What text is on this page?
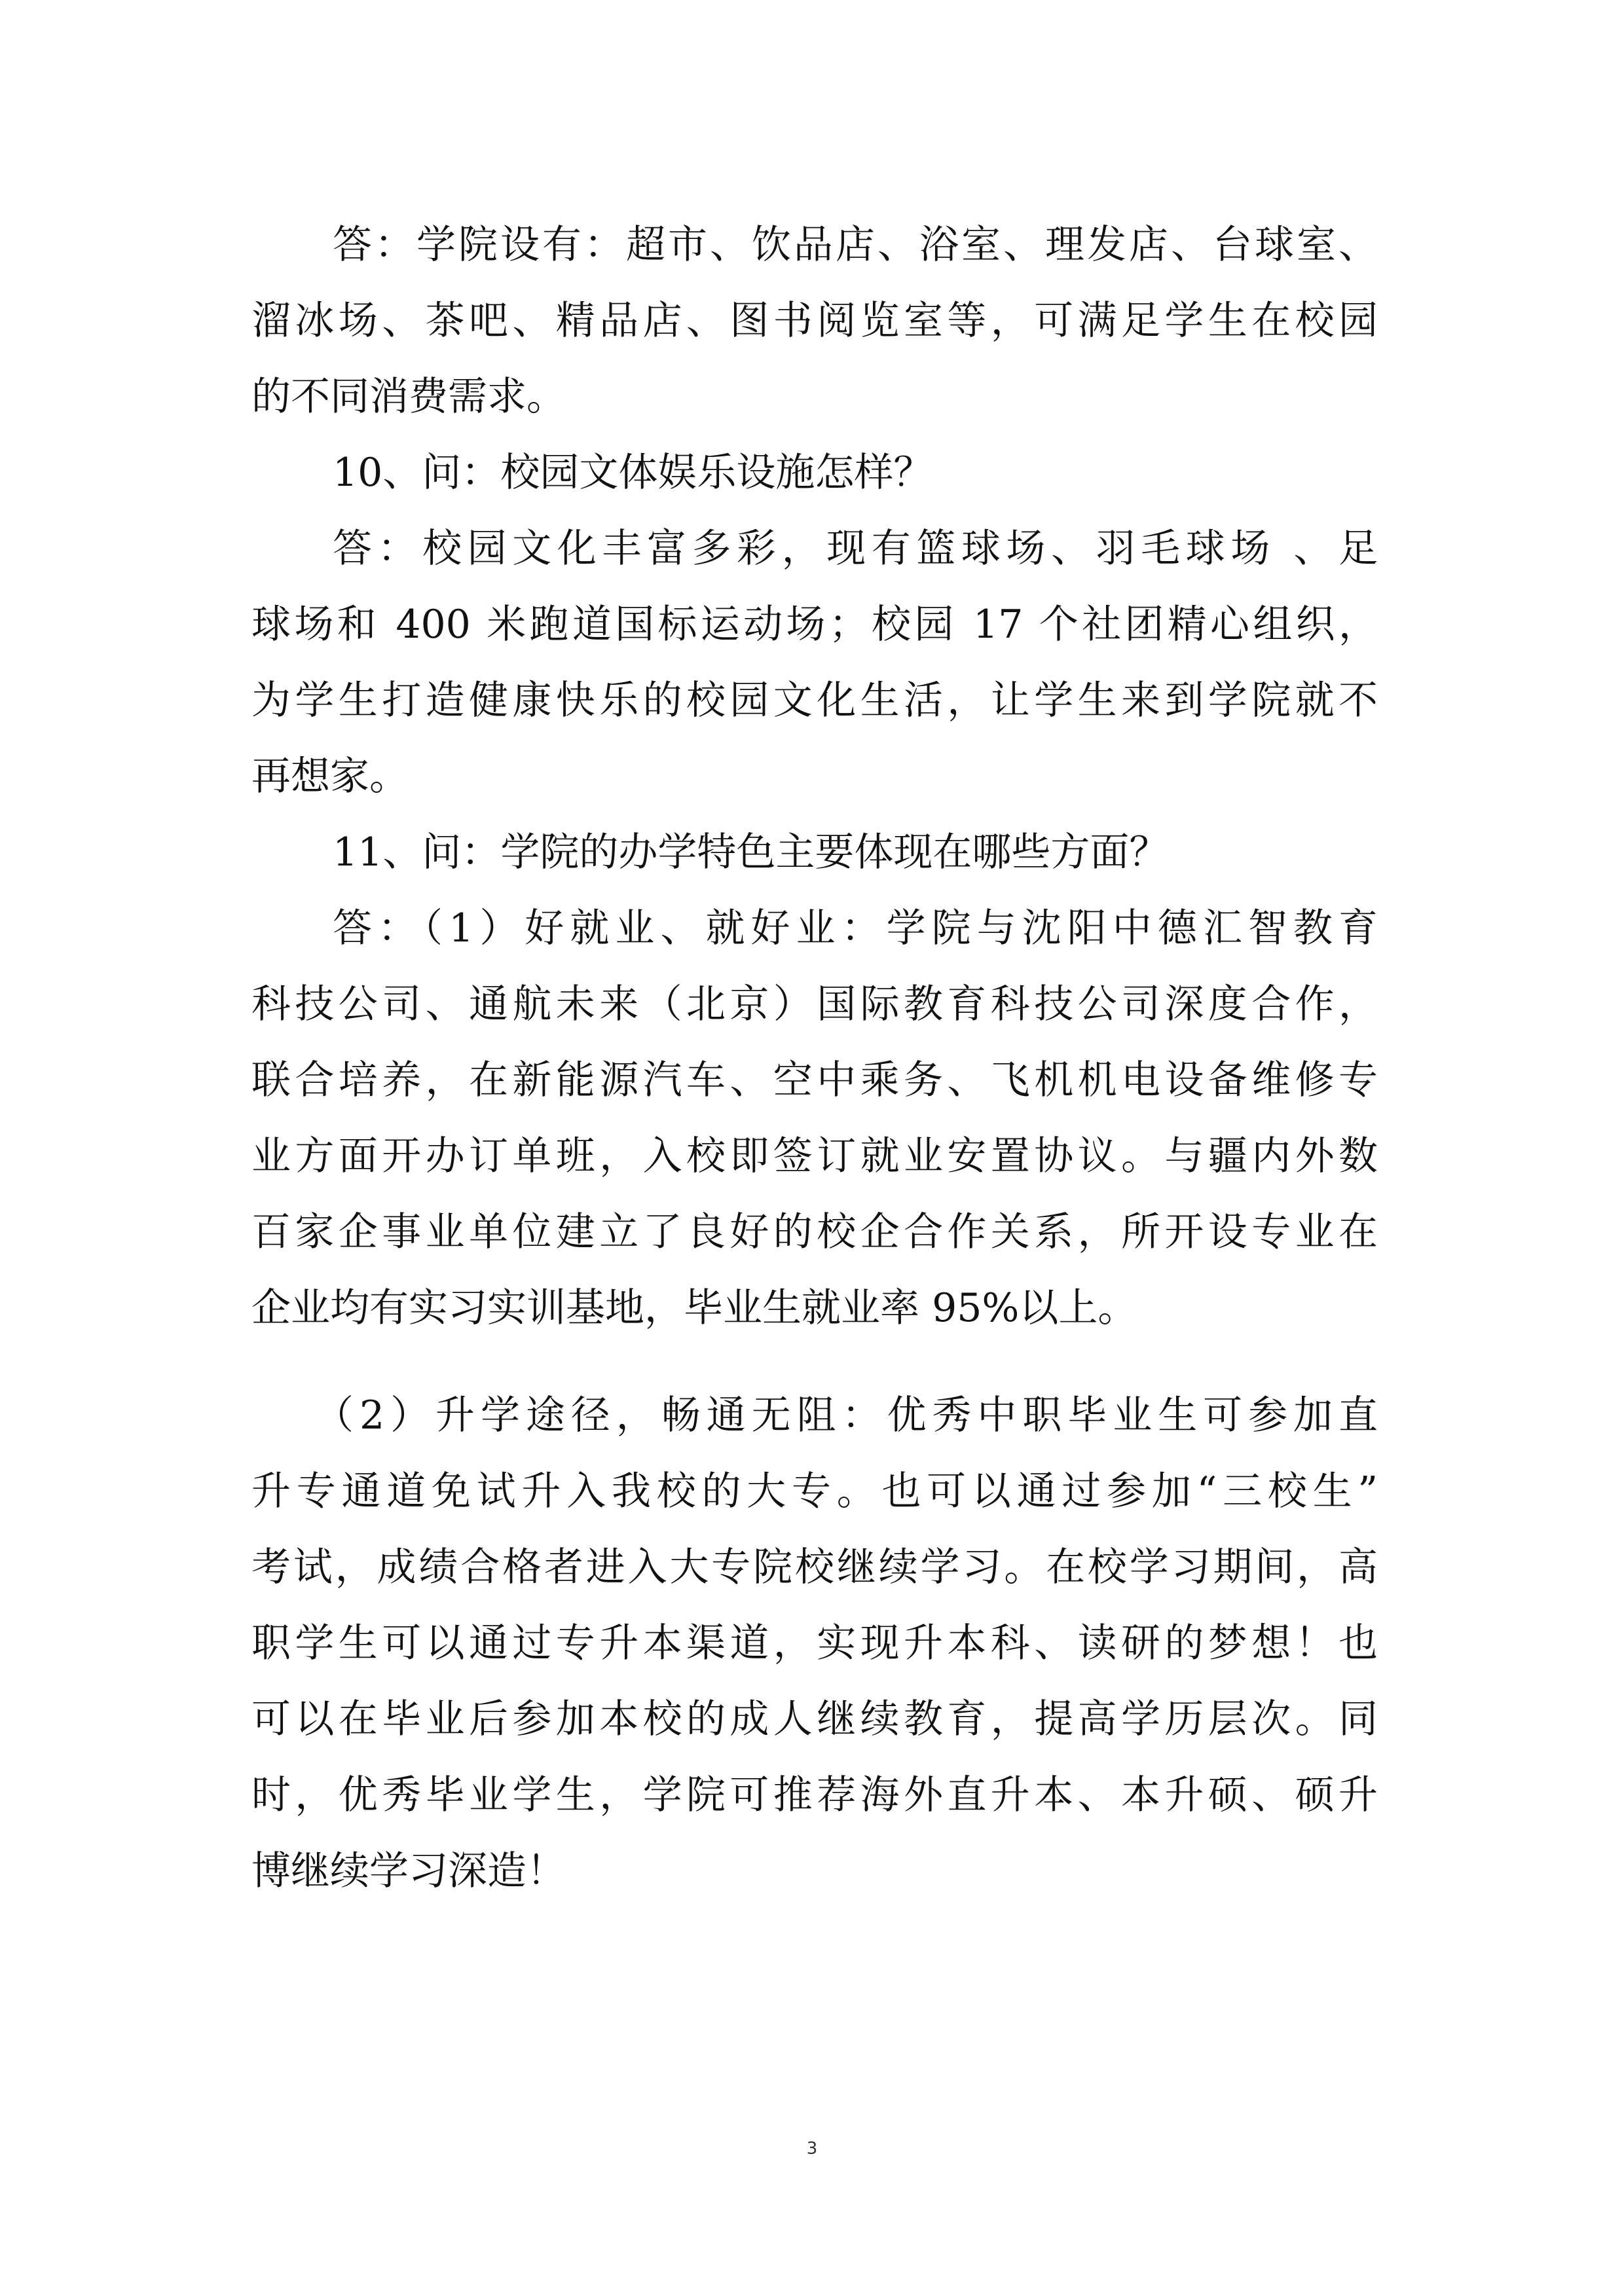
答：学院设有：超市、饮品店、浴室、理发店、台球室、
溜冰场、茶吧、精品店、图书阅览室等，可满足学生在校园
的不同消费需求。
10、问：校园文体娱乐设施怎样？
答：校园文化丰富多彩，现有篮球场、羽毛球场 、足
球场和 400 米跑道国标运动场；校园 17 个社团精心组织，
为学生打造健康快乐的校园文化生活，让学生来到学院就不
再想家。
11、问：学院的办学特色主要体现在哪些方面？
答：（1）好就业、就好业：学院与沈阳中德汇智教育
科技公司、通航未来（北京）国际教育科技公司深度合作，
联合培养，在新能源汽车、空中乘务、飞机机电设备维修专
业方面开办订单班，入校即签订就业安置协议。与疆内外数
百家企事业单位建立了良好的校企合作关系，所开设专业在
企业均有实习实训基地，毕业生就业率 95%以上。
（2）升学途径，畅通无阻：优秀中职毕业生可参加直
升专通道免试升入我校的大专。也可以通过参加“三校生”
考试，成绩合格者进入大专院校继续学习。在校学习期间，高
职学生可以通过专升本渠道，实现升本科、读研的梦想！也
可以在毕业后参加本校的成人继续教育，提高学历层次。同
时，优秀毕业学生，学院可推荐海外直升本、本升硕、硕升
博继续学习深造！
3
